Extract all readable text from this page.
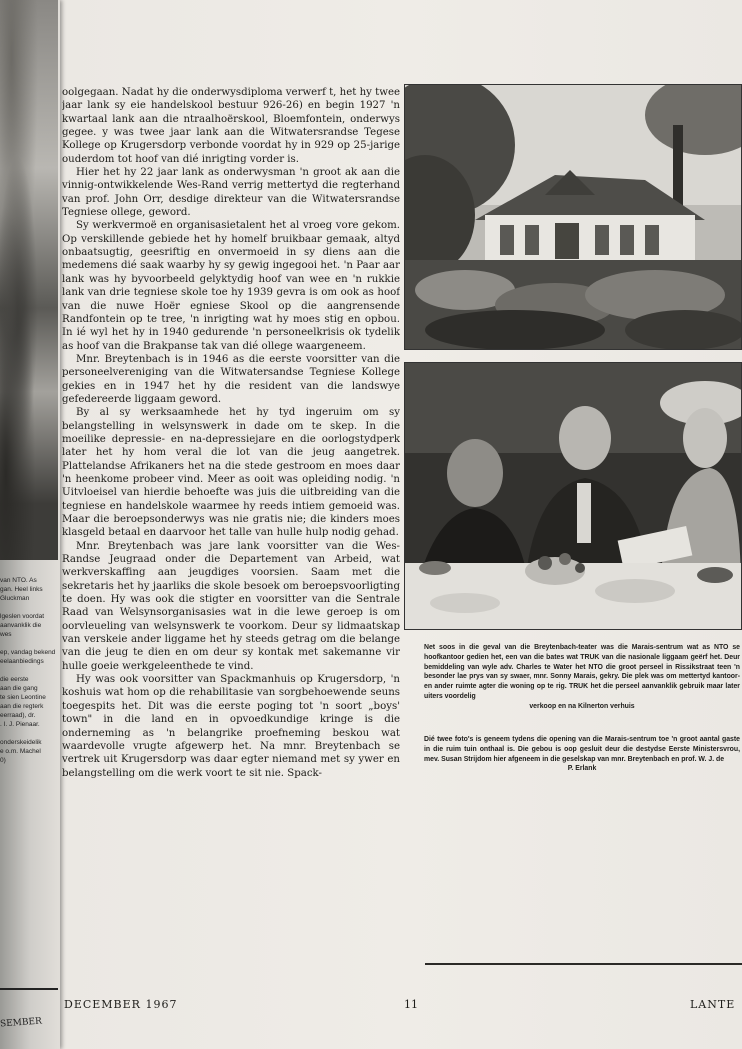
van NTO. As
gan. Heel links
Gluckman

lgeslen voordat
aanvanklik die
wes

ep, vandag bekend
eelaanbiedings

die eerste
aan die gang
te sien Leontine
aan die regterk
eerraad), dr.
. I. J. Pienaar.

onderskeidelik
e o.m. Machel
0)
SEMBER

oolgegaan. Nadat hy die onderwysdiploma verwerf t, het hy twee jaar lank sy eie handelskool bestuur 926-26) en begin 1927 'n kwartaal lank aan die ntraalhoërskool, Bloemfontein, onderwys gegee. y was twee jaar lank aan die Witwatersrandse Tegese Kollege op Krugersdorp verbonde voordat hy in 929 op 25-jarige ouderdom tot hoof van dié inrigting vorder is.

Hier het hy 22 jaar lank as onderwysman 'n groot ak aan die vinnig-ontwikkelende Wes-Rand verrig mettertyd die regterhand van prof. John Orr, desdige direkteur van die Witwatersrandse Tegniese ollege, geword.

Sy werkvermoë en organisasietalent het al vroeg vore gekom. Op verskillende gebiede het hy homelf bruikbaar gemaak, altyd onbaatsugtig, geesriftig en onvermoeid in sy diens aan die medemens dié saak waarby hy sy gewig ingegooi het. 'n Paar aar lank was hy byvoorbeeld gelyktydig hoof van wee en 'n rukkie lank van drie tegniese skole toe hy 1939 gevra is om ook as hoof van die nuwe Hoër egniese Skool op die aangrensende Randfontein op te tree, 'n inrigting wat hy moes stig en opbou. In ié wyl het hy in 1940 gedurende 'n personeelkrisis ok tydelik as hoof van die Brakpanse tak van dié ollege waargeneem.

Mnr. Breytenbach is in 1946 as die eerste voorsitter van die personeelvereniging van die Witwatersandse Tegniese Kollege gekies en in 1947 het hy die resident van die landswye gefedereerde liggaam geword.

By al sy werksaamhede het hy tyd ingeruim om sy belangstelling in welsynswerk in dade om te skep. In die moeilike depressie- en na-depressiejare en die oorlogstydperk later het hy hom veral die lot van die jeug aangetrek. Plattelandse Afrikaners het na die stede gestroom en moes daar 'n heenkome probeer vind. Meer as ooit was opleiding nodig. 'n Uitvloeisel van hierdie behoefte was juis die uitbreiding van die tegniese en handelskole waarmee hy reeds intiem gemoeid was. Maar die beroepsonderwys was nie gratis nie; die kinders moes klasgeld betaal en daarvoor het talle van hulle hulp nodig gehad.

Mnr. Breytenbach was jare lank voorsitter van die Wes-Randse Jeugraad onder die Departement van Arbeid, wat werkverskaffing aan jeugdiges voorsien. Saam met die sekretaris het hy jaarliks die skole besoek om beroepsvoorligting te doen. Hy was ook die stigter en voorsitter van die Sentrale Raad van Welsynsorganisasies wat in die lewe geroep is om oorvleueling van welsynswerk te voorkom. Deur sy lidmaatskap van verskeie ander liggame het hy steeds getrag om die belange van die jeug te dien en om deur sy kontak met sakemanne vir hulle goeie werkgeleenthede te vind.

Hy was ook voorsitter van Spackmanhuis op Krugersdorp, 'n koshuis wat hom op die rehabilitasie van sorgbehoewende seuns toegespits het. Dit was die eerste poging tot 'n soort „boys' town" in die land en in opvoedkundige kringe is die onderneming as 'n belangrike proefneming beskou wat waardevolle vrugte afgewerp het. Na mnr. Breytenbach se vertrek uit Krugersdorp was daar egter niemand met sy ywer en belangstelling om die werk voort te sit nie. Spack-

Net soos in die geval van die Breytenbach-teater was die Marais-sentrum wat as NTO se hoofkantoor gedien het, een van die bates wat TRUK van die nasionale liggaam geërf het. Deur bemiddeling van wyle adv. Charles te Water het NTO die groot perseel in Rissikstraat teen 'n besonder lae prys van sy swaer, mnr. Sonny Marais, gekry. Die plek was om mettertyd kantoor- en ander ruimte agter die woning op te rig. TRUK het die perseel aanvanklik gebruik maar later uiters voordelig

verkoop en na Kilnerton verhuis

Dié twee foto's is geneem tydens die opening van die Marais-sentrum toe 'n groot aantal gaste in die ruim tuin onthaal is. Die gebou is oop gesluit deur die destydse Eerste Ministersvrou, mev. Susan Strijdom hier afgeneem in die geselskap van mnr. Breytenbach en prof. W. J. de

P. Erlank

DECEMBER 1967	11	LANTE
